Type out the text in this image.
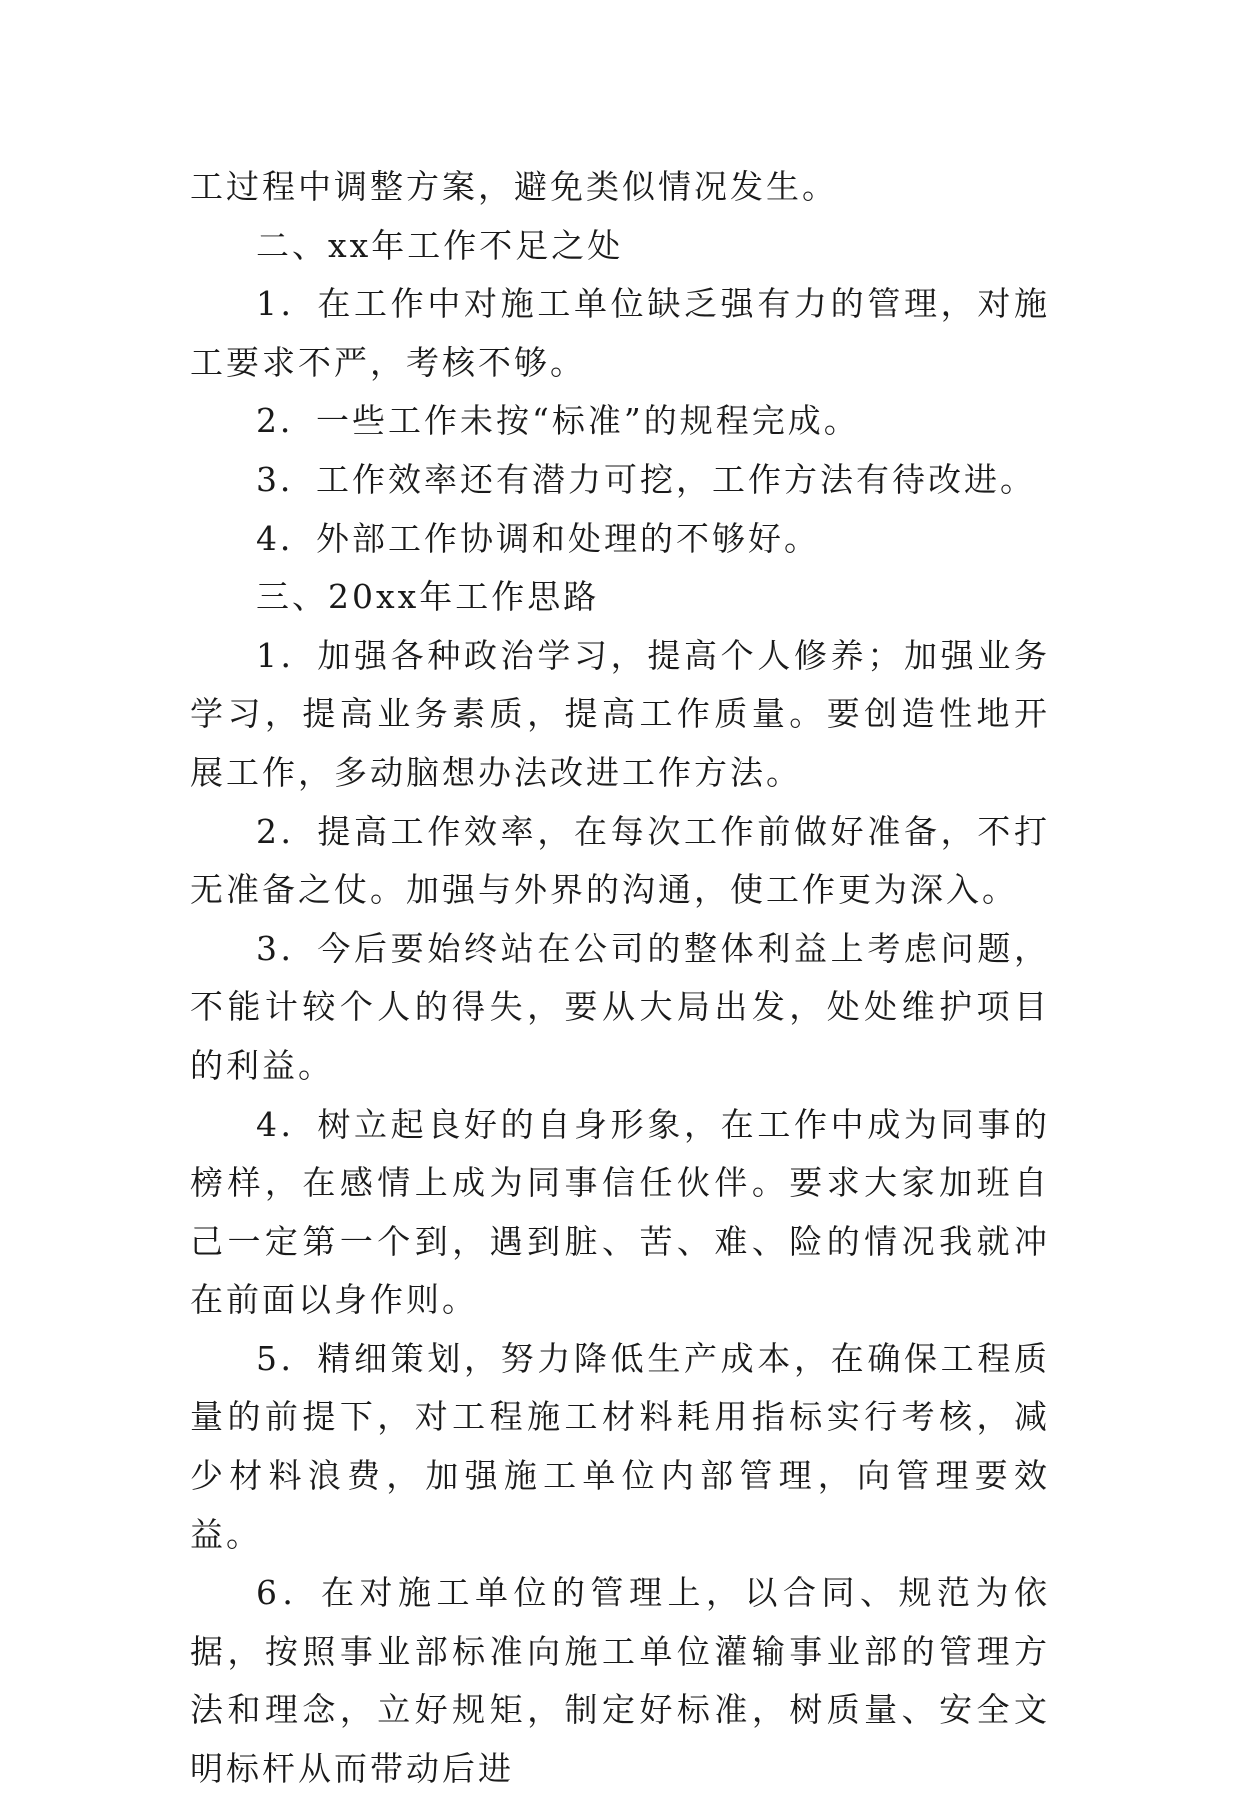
工过程中调整方案，避免类似情况发生。

二、xx年工作不足之处

1．在工作中对施工单位缺乏强有力的管理，对施工要求不严，考核不够。

2．一些工作未按“标准”的规程完成。

3．工作效率还有潜力可挖，工作方法有待改进。

4．外部工作协调和处理的不够好。

三、20xx年工作思路

1．加强各种政治学习，提高个人修养；加强业务学习，提高业务素质，提高工作质量。要创造性地开展工作，多动脑想办法改进工作方法。

2．提高工作效率，在每次工作前做好准备，不打无准备之仗。加强与外界的沟通，使工作更为深入。

3．今后要始终站在公司的整体利益上考虑问题，不能计较个人的得失，要从大局出发，处处维护项目的利益。

4．树立起良好的自身形象，在工作中成为同事的榜样，在感情上成为同事信任伙伴。要求大家加班自己一定第一个到，遇到脏、苦、难、险的情况我就冲在前面以身作则。

5．精细策划，努力降低生产成本，在确保工程质量的前提下，对工程施工材料耗用指标实行考核，减少材料浪费，加强施工单位内部管理，向管理要效益。

6．在对施工单位的管理上，以合同、规范为依据，按照事业部标准向施工单位灌输事业部的管理方法和理念，立好规矩，制定好标准，树质量、安全文明标杆从而带动后进
